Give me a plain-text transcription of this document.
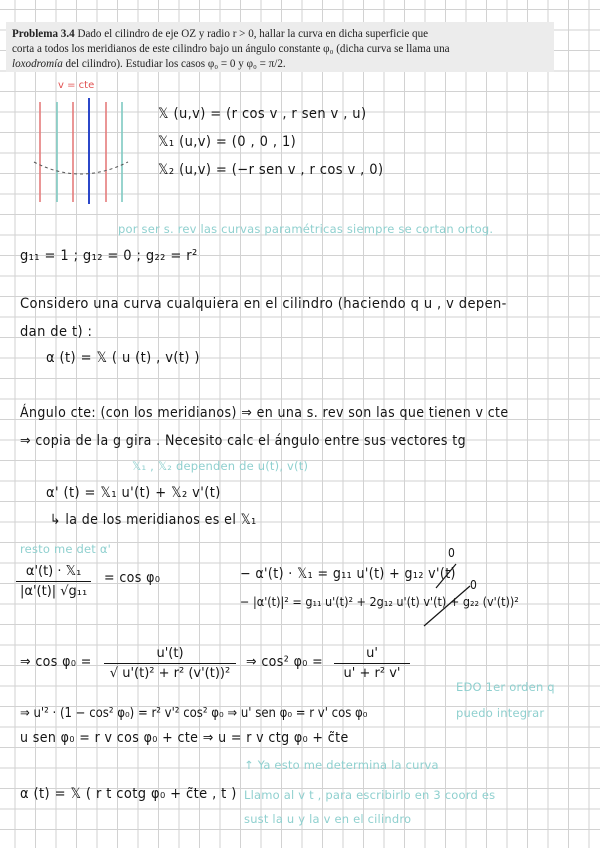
Problema 3.4 Dado el cilindro de eje OZ y radio r > 0, hallar la curva en dicha superficie que
corta a todos los meridianos de este cilindro bajo un ángulo constante φ₀ (dicha curva se llama una
loxodromía del cilindro). Estudiar los casos φ₀ = 0 y φ₀ = π/2.
v = cte
𝕏 (u,v) = (r cos v , r sen v , u)
𝕏₁ (u,v) = (0 , 0 , 1)
𝕏₂ (u,v) = (−r sen v , r cos v , 0)
por ser s. rev las curvas paramétricas siempre se cortan ortog.
g₁₁ = 1 ; g₁₂ = 0 ; g₂₂ = r²
Considero una curva cualquiera en el cilindro (haciendo q u , v depen-
dan de t) :
α (t) = 𝕏 ( u (t) , v(t) )
Ángulo cte: (con los meridianos) ⇒ en una s. rev son las que tienen v cte
⇒ copia de la g gira . Necesito calc el ángulo entre sus vectores tg
𝕏₁ , 𝕏₂ dependen de u(t), v(t)
α' (t) = 𝕏₁ u'(t) + 𝕏₂ v'(t)
↳ la de los meridianos es el 𝕏₁
resto me det α'
α'(t) · 𝕏₁
|α'(t)| √g₁₁
= cos φ₀	− α'(t) · 𝕏₁ = g₁₁ u'(t) + g₁₂ v'(t)
0
− |α'(t)|² = g₁₁ u'(t)² + 2g₁₂ u'(t) v'(t) + g₂₂ (v'(t))²
0
⇒ $\cos \varphi_0 = \frac{u'(t)}{\text{√ u'(t)² + r² (v'(t))²}}$ ⇒ cos² $\varphi_0 = \frac{u'}{\text{u' + r² v'}}$
EDO 1er orden q
puedo integrar
⇒ u'² · (1 − cos² φ₀) = r² v'² cos² φ₀ ⇒ u' sen φ₀ = r v' cos φ₀
u sen φ₀ = r v cos φ₀ + cte ⇒ u = r v ctg φ₀ + c̃te
↑ Ya esto me determina la curva
α (t) = 𝕏 ( r t cotg φ₀ + c̃te , t ) Llamo al v t , para escribirlo en 3 coord es
sust la u y la v en el cilindro
